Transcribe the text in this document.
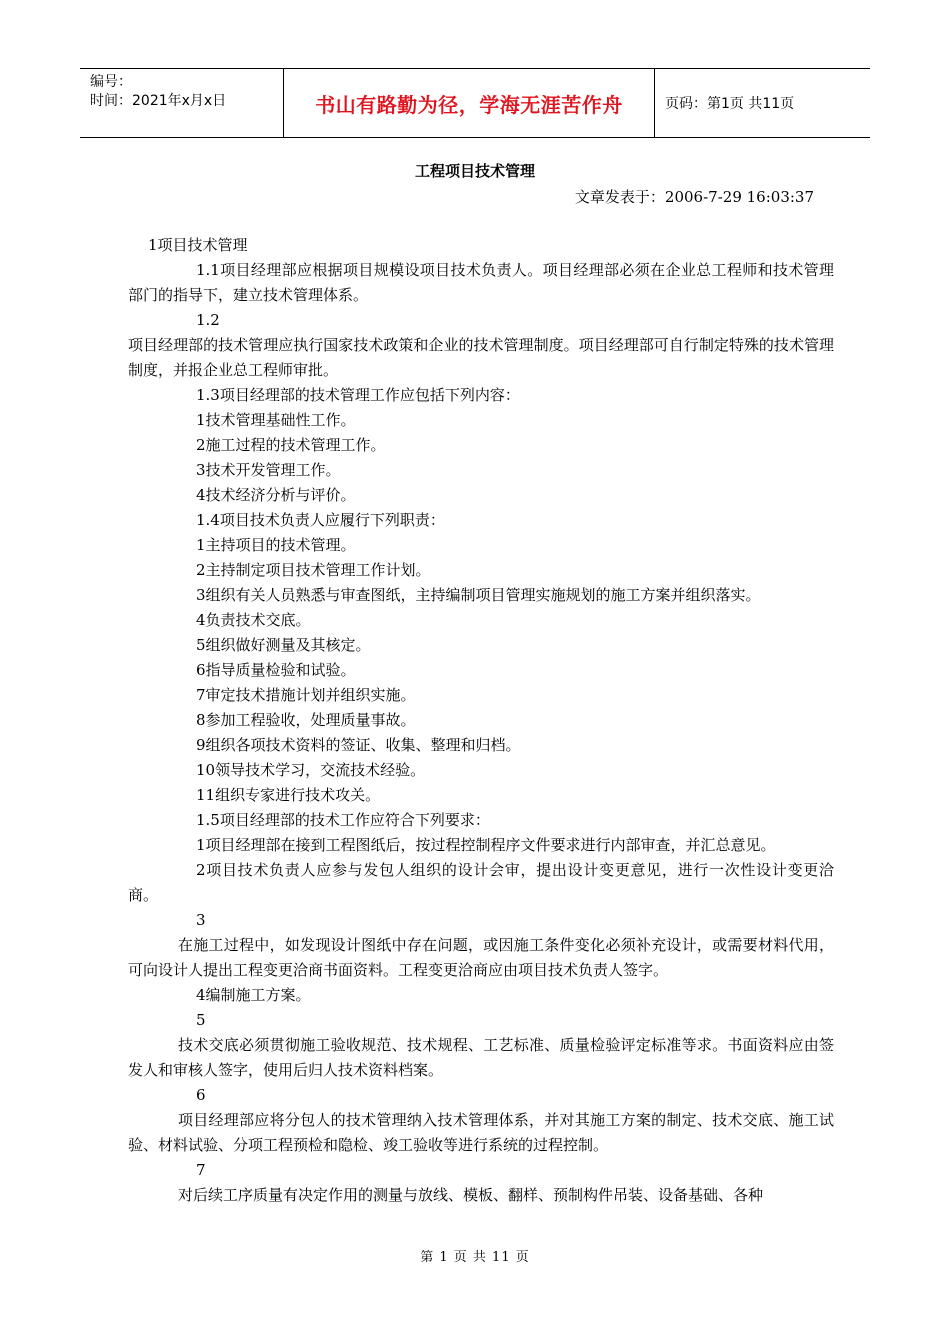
编号：
时间：2021年x月x日	书山有路勤为径，学海无涯苦作舟	页码：第1页 共11页
工程项目技术管理
文章发表于：2006-7-29 16:03:37

1项目技术管理

1.1项目经理部应根据项目规模设项目技术负责人。项目经理部必须在企业总工程师和技术管理部门的指导下，建立技术管理体系。

1.2

项目经理部的技术管理应执行国家技术政策和企业的技术管理制度。项目经理部可自行制定特殊的技术管理制度，并报企业总工程师审批。

1.3项目经理部的技术管理工作应包括下列内容：

1技术管理基础性工作。

2施工过程的技术管理工作。

3技术开发管理工作。

4技术经济分析与评价。

1.4项目技术负责人应履行下列职责：

1主持项目的技术管理。

2主持制定项目技术管理工作计划。

3组织有关人员熟悉与审查图纸，主持编制项目管理实施规划的施工方案并组织落实。

4负责技术交底。

5组织做好测量及其核定。

6指导质量检验和试验。

7审定技术措施计划并组织实施。

8参加工程验收，处理质量事故。

9组织各项技术资料的签证、收集、整理和归档。

10领导技术学习，交流技术经验。

11组织专家进行技术攻关。

1.5项目经理部的技术工作应符合下列要求：

1项目经理部在接到工程图纸后，按过程控制程序文件要求进行内部审查，并汇总意见。

2项目技术负责人应参与发包人组织的设计会审，提出设计变更意见，进行一次性设计变更洽商。

3

在施工过程中，如发现设计图纸中存在问题，或因施工条件变化必须补充设计，或需要材料代用，可向设计人提出工程变更洽商书面资料。工程变更洽商应由项目技术负责人签字。

4编制施工方案。

5

技术交底必须贯彻施工验收规范、技术规程、工艺标准、质量检验评定标准等求。书面资料应由签发人和审核人签字，使用后归人技术资料档案。

6

项目经理部应将分包人的技术管理纳入技术管理体系，并对其施工方案的制定、技术交底、施工试验、材料试验、分项工程预检和隐检、竣工验收等进行系统的过程控制。

7

对后续工序质量有决定作用的测量与放线、模板、翻样、预制构件吊装、设备基础、各种

第 1 页 共 11 页
